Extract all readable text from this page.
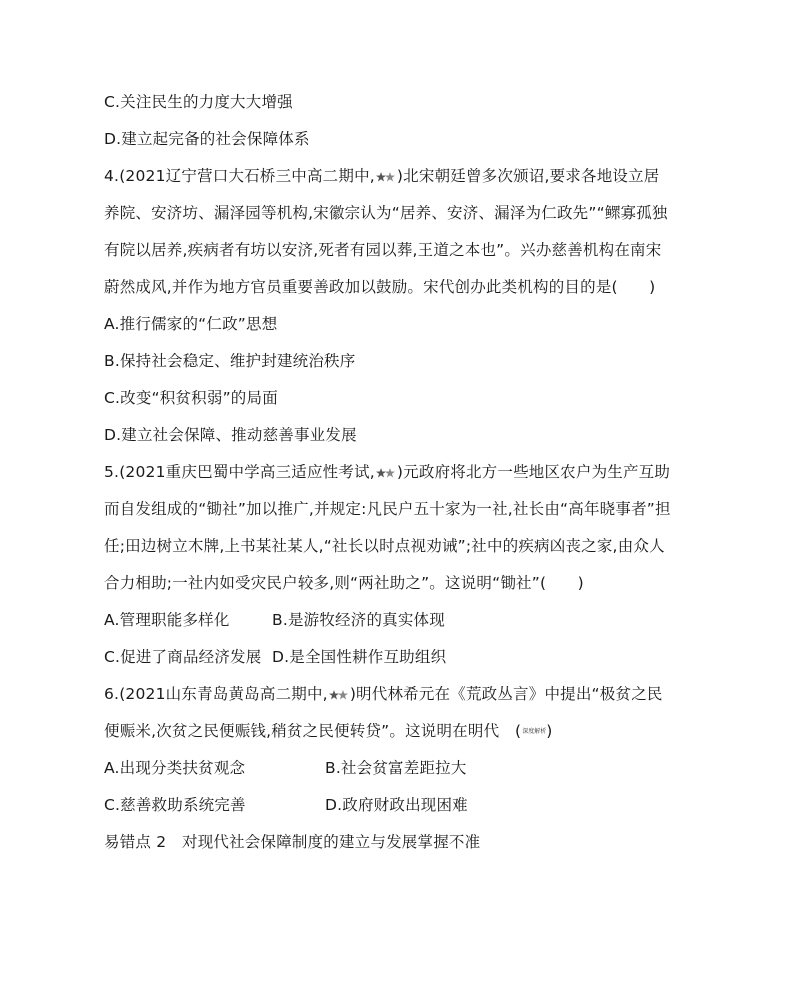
C.关注民生的力度大大增强
D.建立起完备的社会保障体系
4.(2021辽宁营口大石桥三中高二期中, )北宋朝廷曾多次颁诏,要求各地设立居
养院、安济坊、漏泽园等机构,宋徽宗认为“居养、安济、漏泽为仁政先”“鳏寡孤独
有院以居养,疾病者有坊以安济,死者有园以葬,王道之本也”。兴办慈善机构在南宋
蔚然成风,并作为地方官员重要善政加以鼓励。宋代创办此类机构的目的是(　　)
A.推行儒家的“仁政”思想
B.保持社会稳定、维护封建统治秩序
C.改变“积贫积弱”的局面
D.建立社会保障、推动慈善事业发展
5.(2021重庆巴蜀中学高三适应性考试, )元政府将北方一些地区农户为生产互助
而自发组成的“锄社”加以推广,并规定:凡民户五十家为一社,社长由“高年晓事者”担
任;田边树立木牌,上书某社某人,“社长以时点视劝诫”;社中的疾病凶丧之家,由众人
合力相助;一社内如受灾民户较多,则“两社助之”。这说明“锄社”(　　)
A.管理职能多样化	B.是游牧经济的真实体现
C.促进了商品经济发展 D.是全国性耕作互助组织
6.(2021山东青岛黄岛高二期中, )明代林希元在《荒政丛言》中提出“极贫之民
便赈米,次贫之民便赈钱,稍贫之民便转贷”。这说明在明代　(深度解析)
A.出现分类扶贫观念	B.社会贫富差距拉大
C.慈善救助系统完善	D.政府财政出现困难
易错点 2　对现代社会保障制度的建立与发展掌握不准
